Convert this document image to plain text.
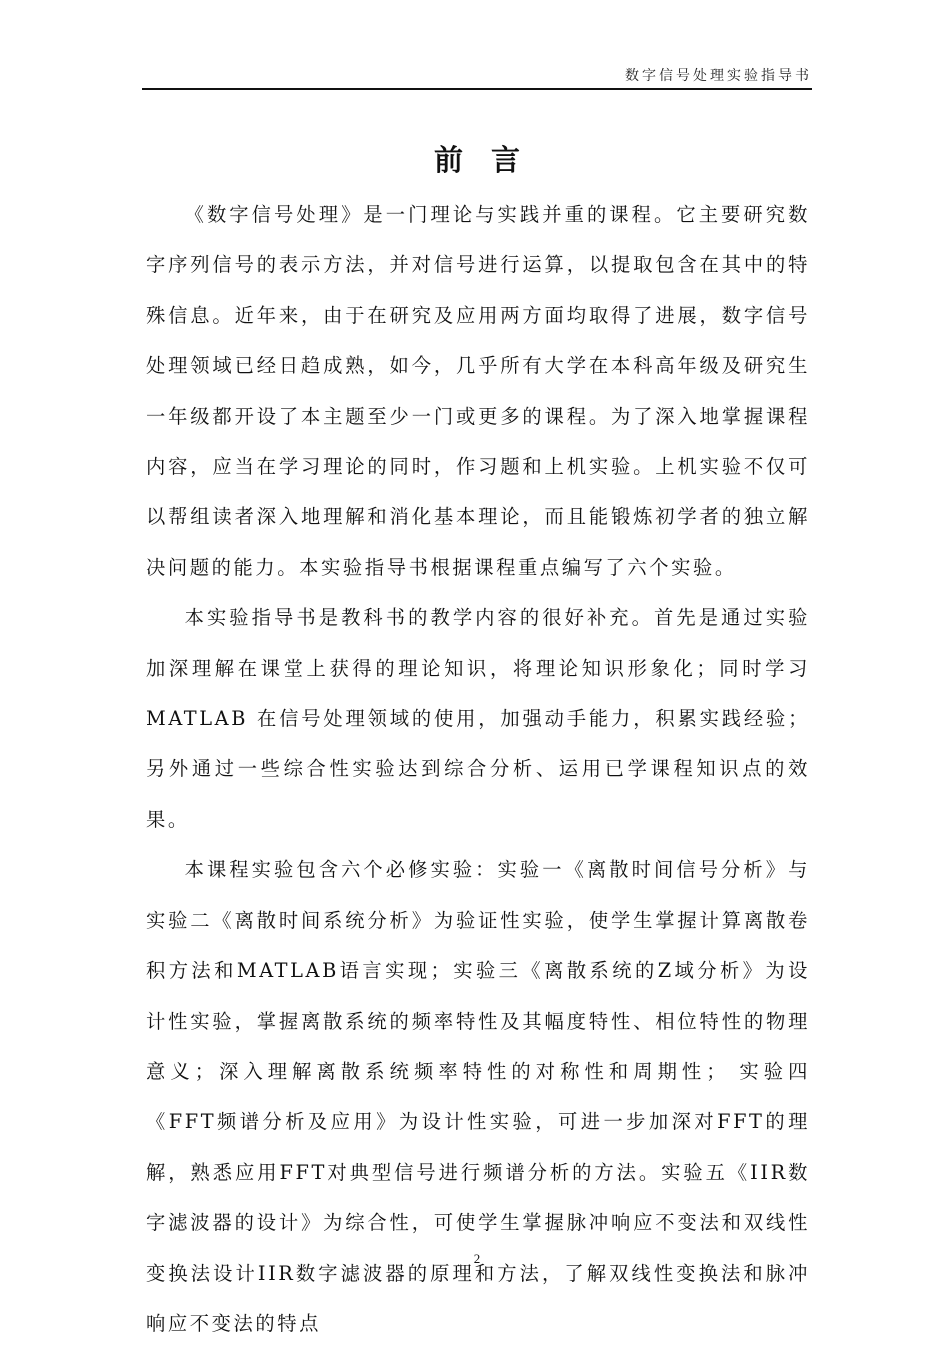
数字信号处理实验指导书
前言

《数字信号处理》是一门理论与实践并重的课程。它主要研究数字序列信号的表示方法，并对信号进行运算，以提取包含在其中的特殊信息。近年来，由于在研究及应用两方面均取得了进展，数字信号处理领域已经日趋成熟，如今，几乎所有大学在本科高年级及研究生一年级都开设了本主题至少一门或更多的课程。为了深入地掌握课程内容，应当在学习理论的同时，作习题和上机实验。上机实验不仅可以帮组读者深入地理解和消化基本理论，而且能锻炼初学者的独立解决问题的能力。本实验指导书根据课程重点编写了六个实验。

本实验指导书是教科书的教学内容的很好补充。首先是通过实验加深理解在课堂上获得的理论知识，将理论知识形象化；同时学习MATLAB 在信号处理领域的使用，加强动手能力，积累实践经验；另外通过一些综合性实验达到综合分析、运用已学课程知识点的效果。

本课程实验包含六个必修实验：实验一《离散时间信号分析》与实验二《离散时间系统分析》为验证性实验，使学生掌握计算离散卷积方法和MATLAB语言实现；实验三《离散系统的Z域分析》为设计性实验，掌握离散系统的频率特性及其幅度特性、相位特性的物理意义；深入理解离散系统频率特性的对称性和周期性； 实验四《FFT频谱分析及应用》为设计性实验，可进一步加深对FFT的理解，熟悉应用FFT对典型信号进行频谱分析的方法。实验五《IIR数字滤波器的设计》为综合性，可使学生掌握脉冲响应不变法和双线性变换法设计IIR数字滤波器的原理和方法，了解双线性变换法和脉冲响应不变法的特点

2
